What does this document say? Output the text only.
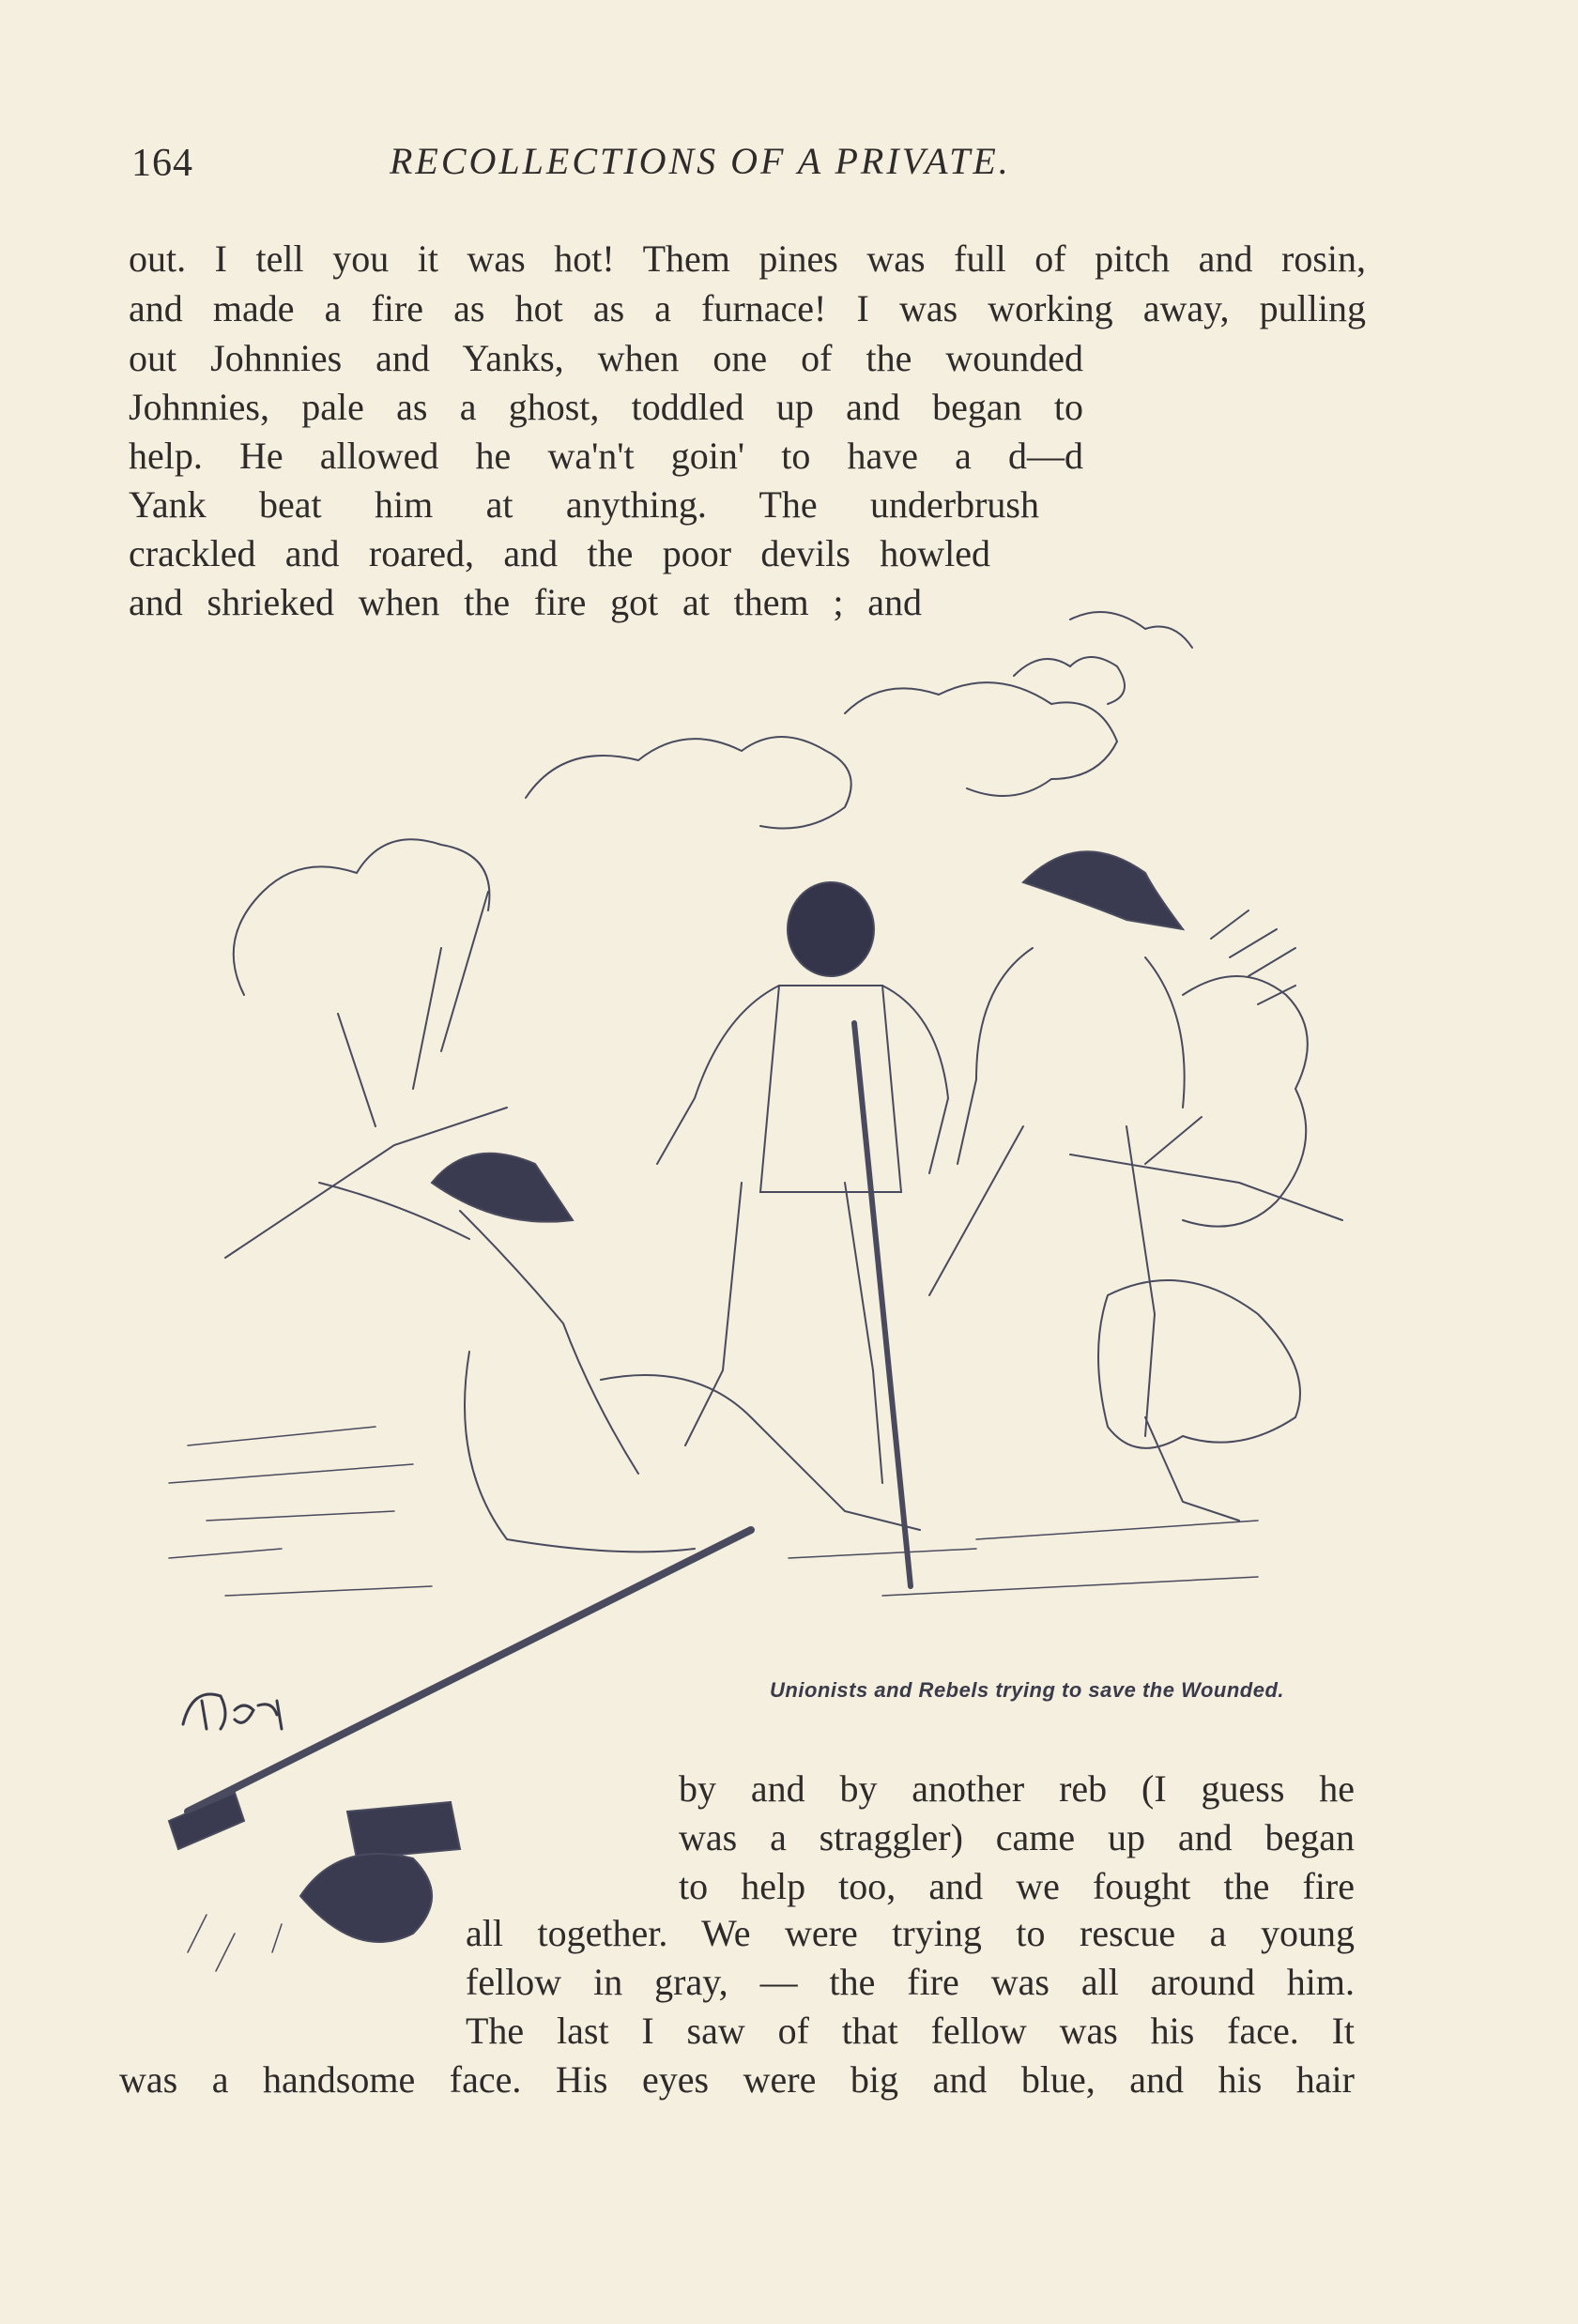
164	RECOLLECTIONS OF A PRIVATE.
out. I tell you it was hot! Them pines was full of pitch and rosin,
and made a fire as hot as a furnace! I was working away, pulling
out Johnnies and Yanks, when one of the wounded
Johnnies, pale as a ghost, toddled up and began to
help. He allowed he wa'n't goin' to have a d—d
Yank beat him at anything. The underbrush
crackled and roared, and the poor devils howled
and shrieked when the fire got at them ; and
Unionists and Rebels trying to save the Wounded.
by and by another reb (I guess he
was a straggler) came up and began
to help too, and we fought the fire
all together. We were trying to rescue a young
fellow in gray, — the fire was all around him.
The last I saw of that fellow was his face. It
was a handsome face. His eyes were big and blue, and his hair
